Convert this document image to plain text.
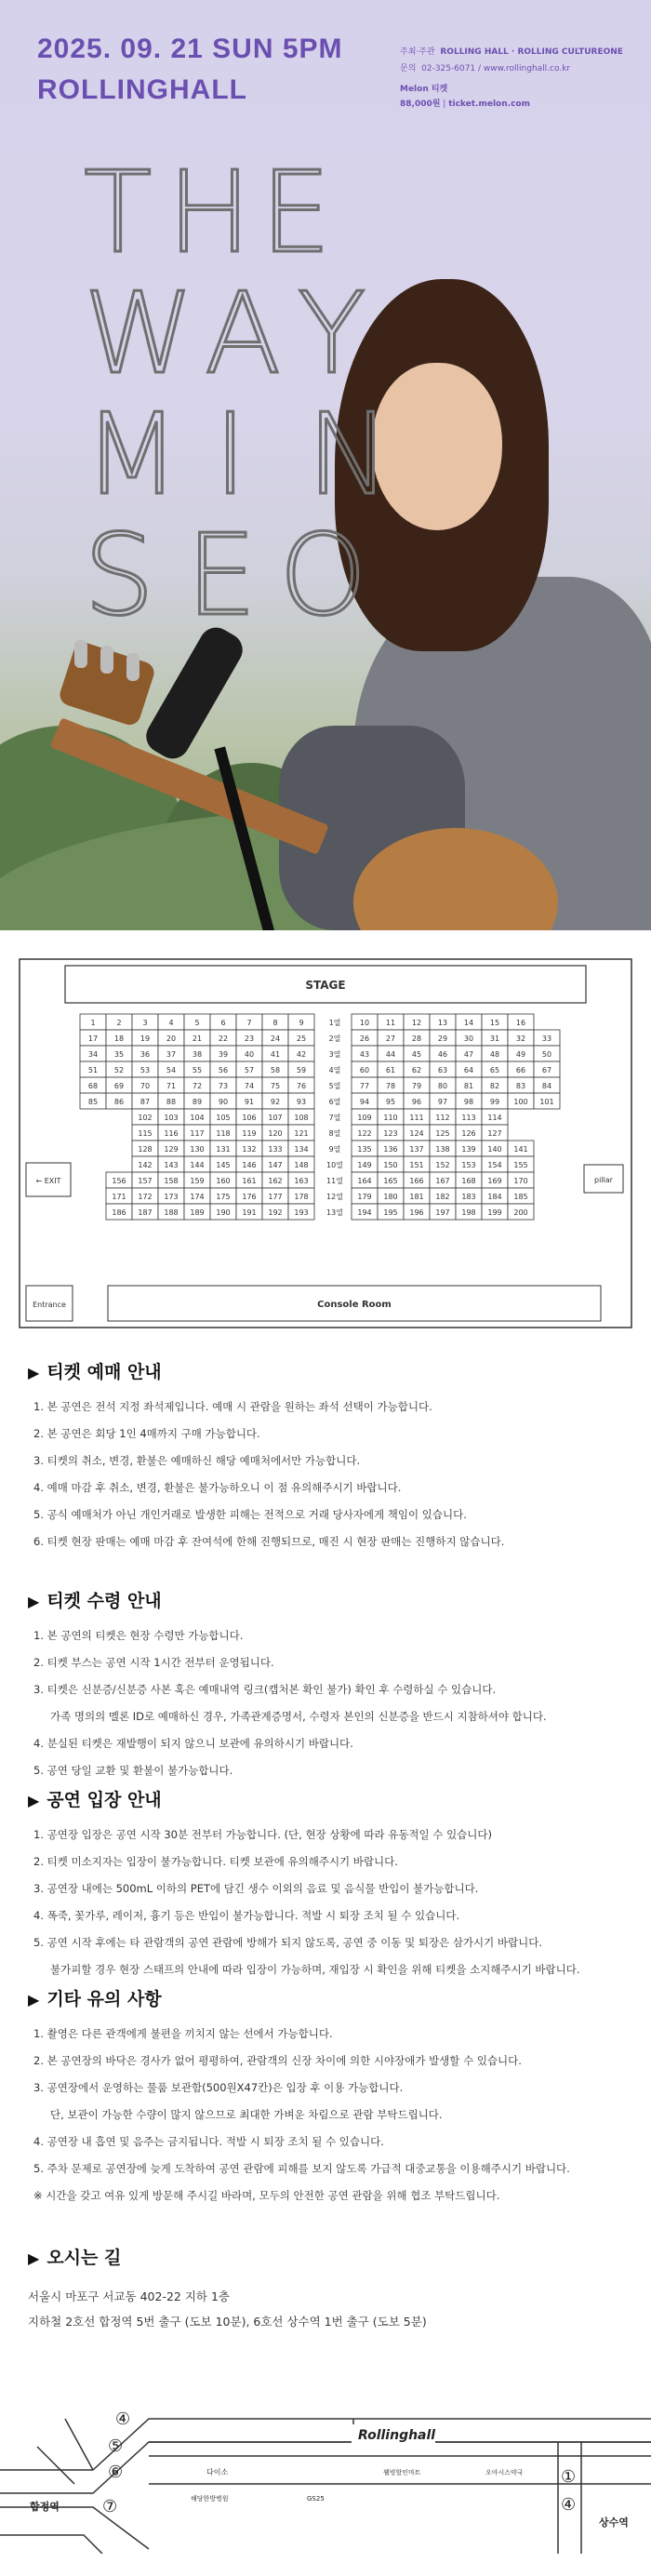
2025. 09. 21 SUN 5PM
ROLLINGHALL
주최·주관 ROLLING HALL · ROLLING CULTUREONE
문의 02-325-6071 / www.rollinghall.co.kr
Melon 티켓
88,000원 | ticket.melon.com
T
H
E
W
A Y
M I N
S E O
STAGE
← EXIT	pillar
Entrance	Console Room
1	2	3	4	5	6	7	8	9	1열	10 11 12 13 14 15 16
17 18 19 20 21 22 23 24 25	2열	26 27 28 29 30 31 32 33
34 35 36 37 38 39 40 41 42	3열	43 44 45 46 47 48 49 50
51 52 53 54 55 56 57 58 59	4열	60 61 62 63 64 65 66 67
68 69 70 71 72 73 74 75 76	5열	77 78 79 80 81 82 83 84
85 86 87 88 89 90 91 92 93	6열	94 95 96 97 98 99 100 101
102 103 104 105 106 107 108	7열 109 110 111 112 113 114
115 116 117 118 119 120 121	8열 122 123 124 125 126 127
128 129 130 131 132 133 134	9열 135 136 137 138 139 140 141
142 143 144 145 146 147 148 10열 149 150 151 152 153 154 155
156 157 158 159 160 161 162 163 11열 164 165 166 167 168 169 170
171 172 173 174 175 176 177 178 12열 179 180 181 182 183 184 185
186 187 188 189 190 191 192 193 13열 194 195 196 197 198 199 200
▶ 티켓 예매 안내

1. 본 공연은 전석 지정 좌석제입니다. 예매 시 관람을 원하는 좌석 선택이 가능합니다.

2. 본 공연은 회당 1인 4매까지 구매 가능합니다.

3. 티켓의 취소, 변경, 환불은 예매하신 해당 예매처에서만 가능합니다.

4. 예매 마감 후 취소, 변경, 환불은 불가능하오니 이 점 유의해주시기 바랍니다.

5. 공식 예매처가 아닌 개인거래로 발생한 피해는 전적으로 거래 당사자에게 책임이 있습니다.

6. 티켓 현장 판매는 예매 마감 후 잔여석에 한해 진행되므로, 매진 시 현장 판매는 진행하지 않습니다.

▶ 티켓 수령 안내

1. 본 공연의 티켓은 현장 수령만 가능합니다.

2. 티켓 부스는 공연 시작 1시간 전부터 운영됩니다.

3. 티켓은 신분증/신분증 사본 혹은 예매내역 링크(캡처본 확인 불가) 확인 후 수령하실 수 있습니다.

가족 명의의 멜론 ID로 예매하신 경우, 가족관계증명서, 수령자 본인의 신분증을 반드시 지참하셔야 합니다.

4. 분실된 티켓은 재발행이 되지 않으니 보관에 유의하시기 바랍니다.

5. 공연 당일 교환 및 환불이 불가능합니다.

▶ 공연 입장 안내

1. 공연장 입장은 공연 시작 30분 전부터 가능합니다. (단, 현장 상황에 따라 유동적일 수 있습니다)

2. 티켓 미소지자는 입장이 불가능합니다. 티켓 보관에 유의해주시기 바랍니다.

3. 공연장 내에는 500mL 이하의 PET에 담긴 생수 이외의 음료 및 음식물 반입이 불가능합니다.

4. 폭죽, 꽃가루, 레이저, 흉기 등은 반입이 불가능합니다. 적발 시 퇴장 조치 될 수 있습니다.

5. 공연 시작 후에는 타 관람객의 공연 관람에 방해가 되지 않도록, 공연 중 이동 및 퇴장은 삼가시기 바랍니다.

불가피할 경우 현장 스태프의 안내에 따라 입장이 가능하며, 재입장 시 확인을 위해 티켓을 소지해주시기 바랍니다.

▶ 기타 유의 사항

1. 촬영은 다른 관객에게 불편을 끼치지 않는 선에서 가능합니다.

2. 본 공연장의 바닥은 경사가 없어 평평하여, 관람객의 신장 차이에 의한 시야장애가 발생할 수 있습니다.

3. 공연장에서 운영하는 물품 보관함(500원X47칸)은 입장 후 이용 가능합니다.

단, 보관이 가능한 수량이 많지 않으므로 최대한 가벼운 차림으로 관람 부탁드립니다.

4. 공연장 내 흡연 및 음주는 금지됩니다. 적발 시 퇴장 조치 될 수 있습니다.

5. 주차 문제로 공연장에 늦게 도착하여 공연 관람에 피해를 보지 않도록 가급적 대중교통을 이용해주시기 바랍니다.

※ 시간을 갖고 여유 있게 방문해 주시길 바라며, 모두의 안전한 공연 관람을 위해 협조 부탁드립니다.
▶ 오시는 길

서울시 마포구 서교동 402-22 지하 1층

지하철 2호선 합정역 5번 출구 (도보 10분), 6호선 상수역 1번 출구 (도보 5분)

Rollinghall
합정역
상수역
다이소
해당한방병원	GS25
웰빙할인마트	오아시스약국
④
⑤
⑥
⑦
①
④
